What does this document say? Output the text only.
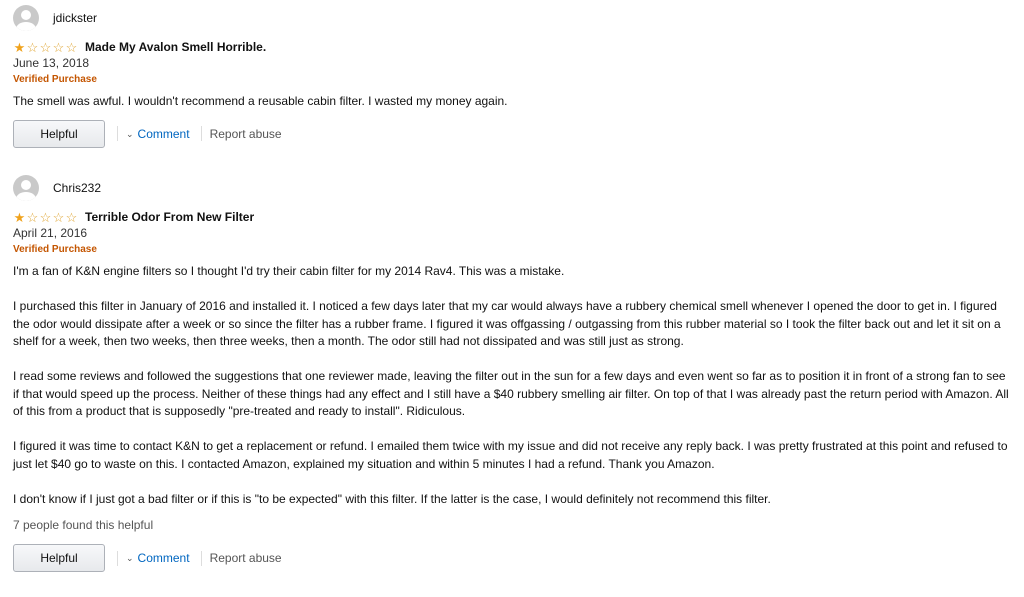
jdickster
★ ☆ ☆ ☆ ☆ Made My Avalon Smell Horrible.
June 13, 2018
Verified Purchase

The smell was awful. I wouldn't recommend a reusable cabin filter. I wasted my money again.

Helpful	⌄ Comment Report abuse
Chris232
★ ☆ ☆ ☆ ☆ Terrible Odor From New Filter
April 21, 2016
Verified Purchase

I'm a fan of K&N engine filters so I thought I'd try their cabin filter for my 2014 Rav4. This was a mistake.

I purchased this filter in January of 2016 and installed it. I noticed a few days later that my car would always have a rubbery chemical smell whenever I opened the door to get in. I figured the odor would dissipate after a week or so since the filter has a rubber frame. I figured it was offgassing / outgassing from this rubber material so I took the filter back out and let it sit on a shelf for a week, then two weeks, then three weeks, then a month. The odor still had not dissipated and was still just as strong.

I read some reviews and followed the suggestions that one reviewer made, leaving the filter out in the sun for a few days and even went so far as to position it in front of a strong fan to see if that would speed up the process. Neither of these things had any effect and I still have a $40 rubbery smelling air filter. On top of that I was already past the return period with Amazon. All of this from a product that is supposedly "pre-treated and ready to install". Ridiculous.

I figured it was time to contact K&N to get a replacement or refund. I emailed them twice with my issue and did not receive any reply back. I was pretty frustrated at this point and refused to just let $40 go to waste on this. I contacted Amazon, explained my situation and within 5 minutes I had a refund. Thank you Amazon.

I don't know if I just got a bad filter or if this is "to be expected" with this filter. If the latter is the case, I would definitely not recommend this filter.

7 people found this helpful
Helpful	⌄ Comment Report abuse
